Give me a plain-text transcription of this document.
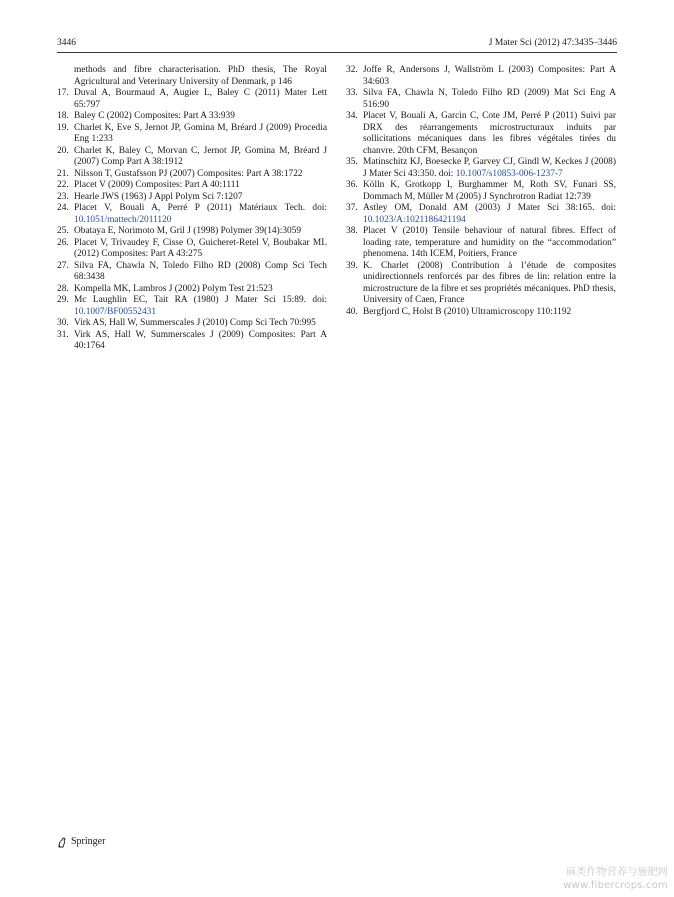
3446	J Mater Sci (2012) 47:3435–3446
methods and fibre characterisation. PhD thesis, The Royal Agricultural and Veterinary University of Denmark, p 146
17. Duval A, Bourmaud A, Augier L, Baley C (2011) Mater Lett 65:797
18. Baley C (2002) Composites: Part A 33:939
19. Charlet K, Eve S, Jernot JP, Gomina M, Bréard J (2009) Procedia Eng 1:233
20. Charlet K, Baley C, Morvan C, Jernot JP, Gomina M, Bréard J (2007) Comp Part A 38:1912
21. Nilsson T, Gustafsson PJ (2007) Composites: Part A 38:1722
22. Placet V (2009) Composites: Part A 40:1111
23. Hearle JWS (1963) J Appl Polym Sci 7:1207
24. Placet V, Bouali A, Perré P (2011) Matériaux Tech. doi: 10.1051/mattech/2011120
25. Obataya E, Norimoto M, Gril J (1998) Polymer 39(14):3059
26. Placet V, Trivaudey F, Cisse O, Guicheret-Retel V, Boubakar ML (2012) Composites: Part A 43:275
27. Silva FA, Chawla N, Toledo Filho RD (2008) Comp Sci Tech 68:3438
28. Kompella MK, Lambros J (2002) Polym Test 21:523
29. Mc Laughlin EC, Tait RA (1980) J Mater Sci 15:89. doi: 10.1007/BF00552431
30. Virk AS, Hall W, Summerscales J (2010) Comp Sci Tech 70:995
31. Virk AS, Hall W, Summerscales J (2009) Composites: Part A 40:1764
32. Joffe R, Andersons J, Wallström L (2003) Composites: Part A 34:603
33. Silva FA, Chawla N, Toledo Filho RD (2009) Mat Sci Eng A 516:90
34. Placet V, Bouali A, Garcin C, Cote JM, Perré P (2011) Suivi par DRX des réarrangements microstructuraux induits par sollicitations mécaniques dans les fibres végétales tirées du chanvre. 20th CFM, Besançon
35. Matinschitz KJ, Boesecke P, Garvey CJ, Gindl W, Keckes J (2008) J Mater Sci 43:350. doi: 10.1007/s10853-006-1237-7
36. Kölln K, Grotkopp I, Burghammer M, Roth SV, Funari SS, Dommach M, Müller M (2005) J Synchrotron Radiat 12:739
37. Astley OM, Donald AM (2003) J Mater Sci 38:165. doi: 10.1023/A:1021186421194
38. Placet V (2010) Tensile behaviour of natural fibres. Effect of loading rate, temperature and humidity on the “accommodation” phenomena. 14th ICEM, Poitiers, France
39. K. Charlet (2008) Contribution à l’étude de composites unidirectionnels renforcés par des fibres de lin: relation entre la microstructure de la fibre et ses propriétés mécaniques. PhD thesis, University of Caen, France
40. Bergfjord C, Holst B (2010) Ultramicroscopy 110:1192
Springer
麻类作物营养与施肥网
www.fibercrops.com
